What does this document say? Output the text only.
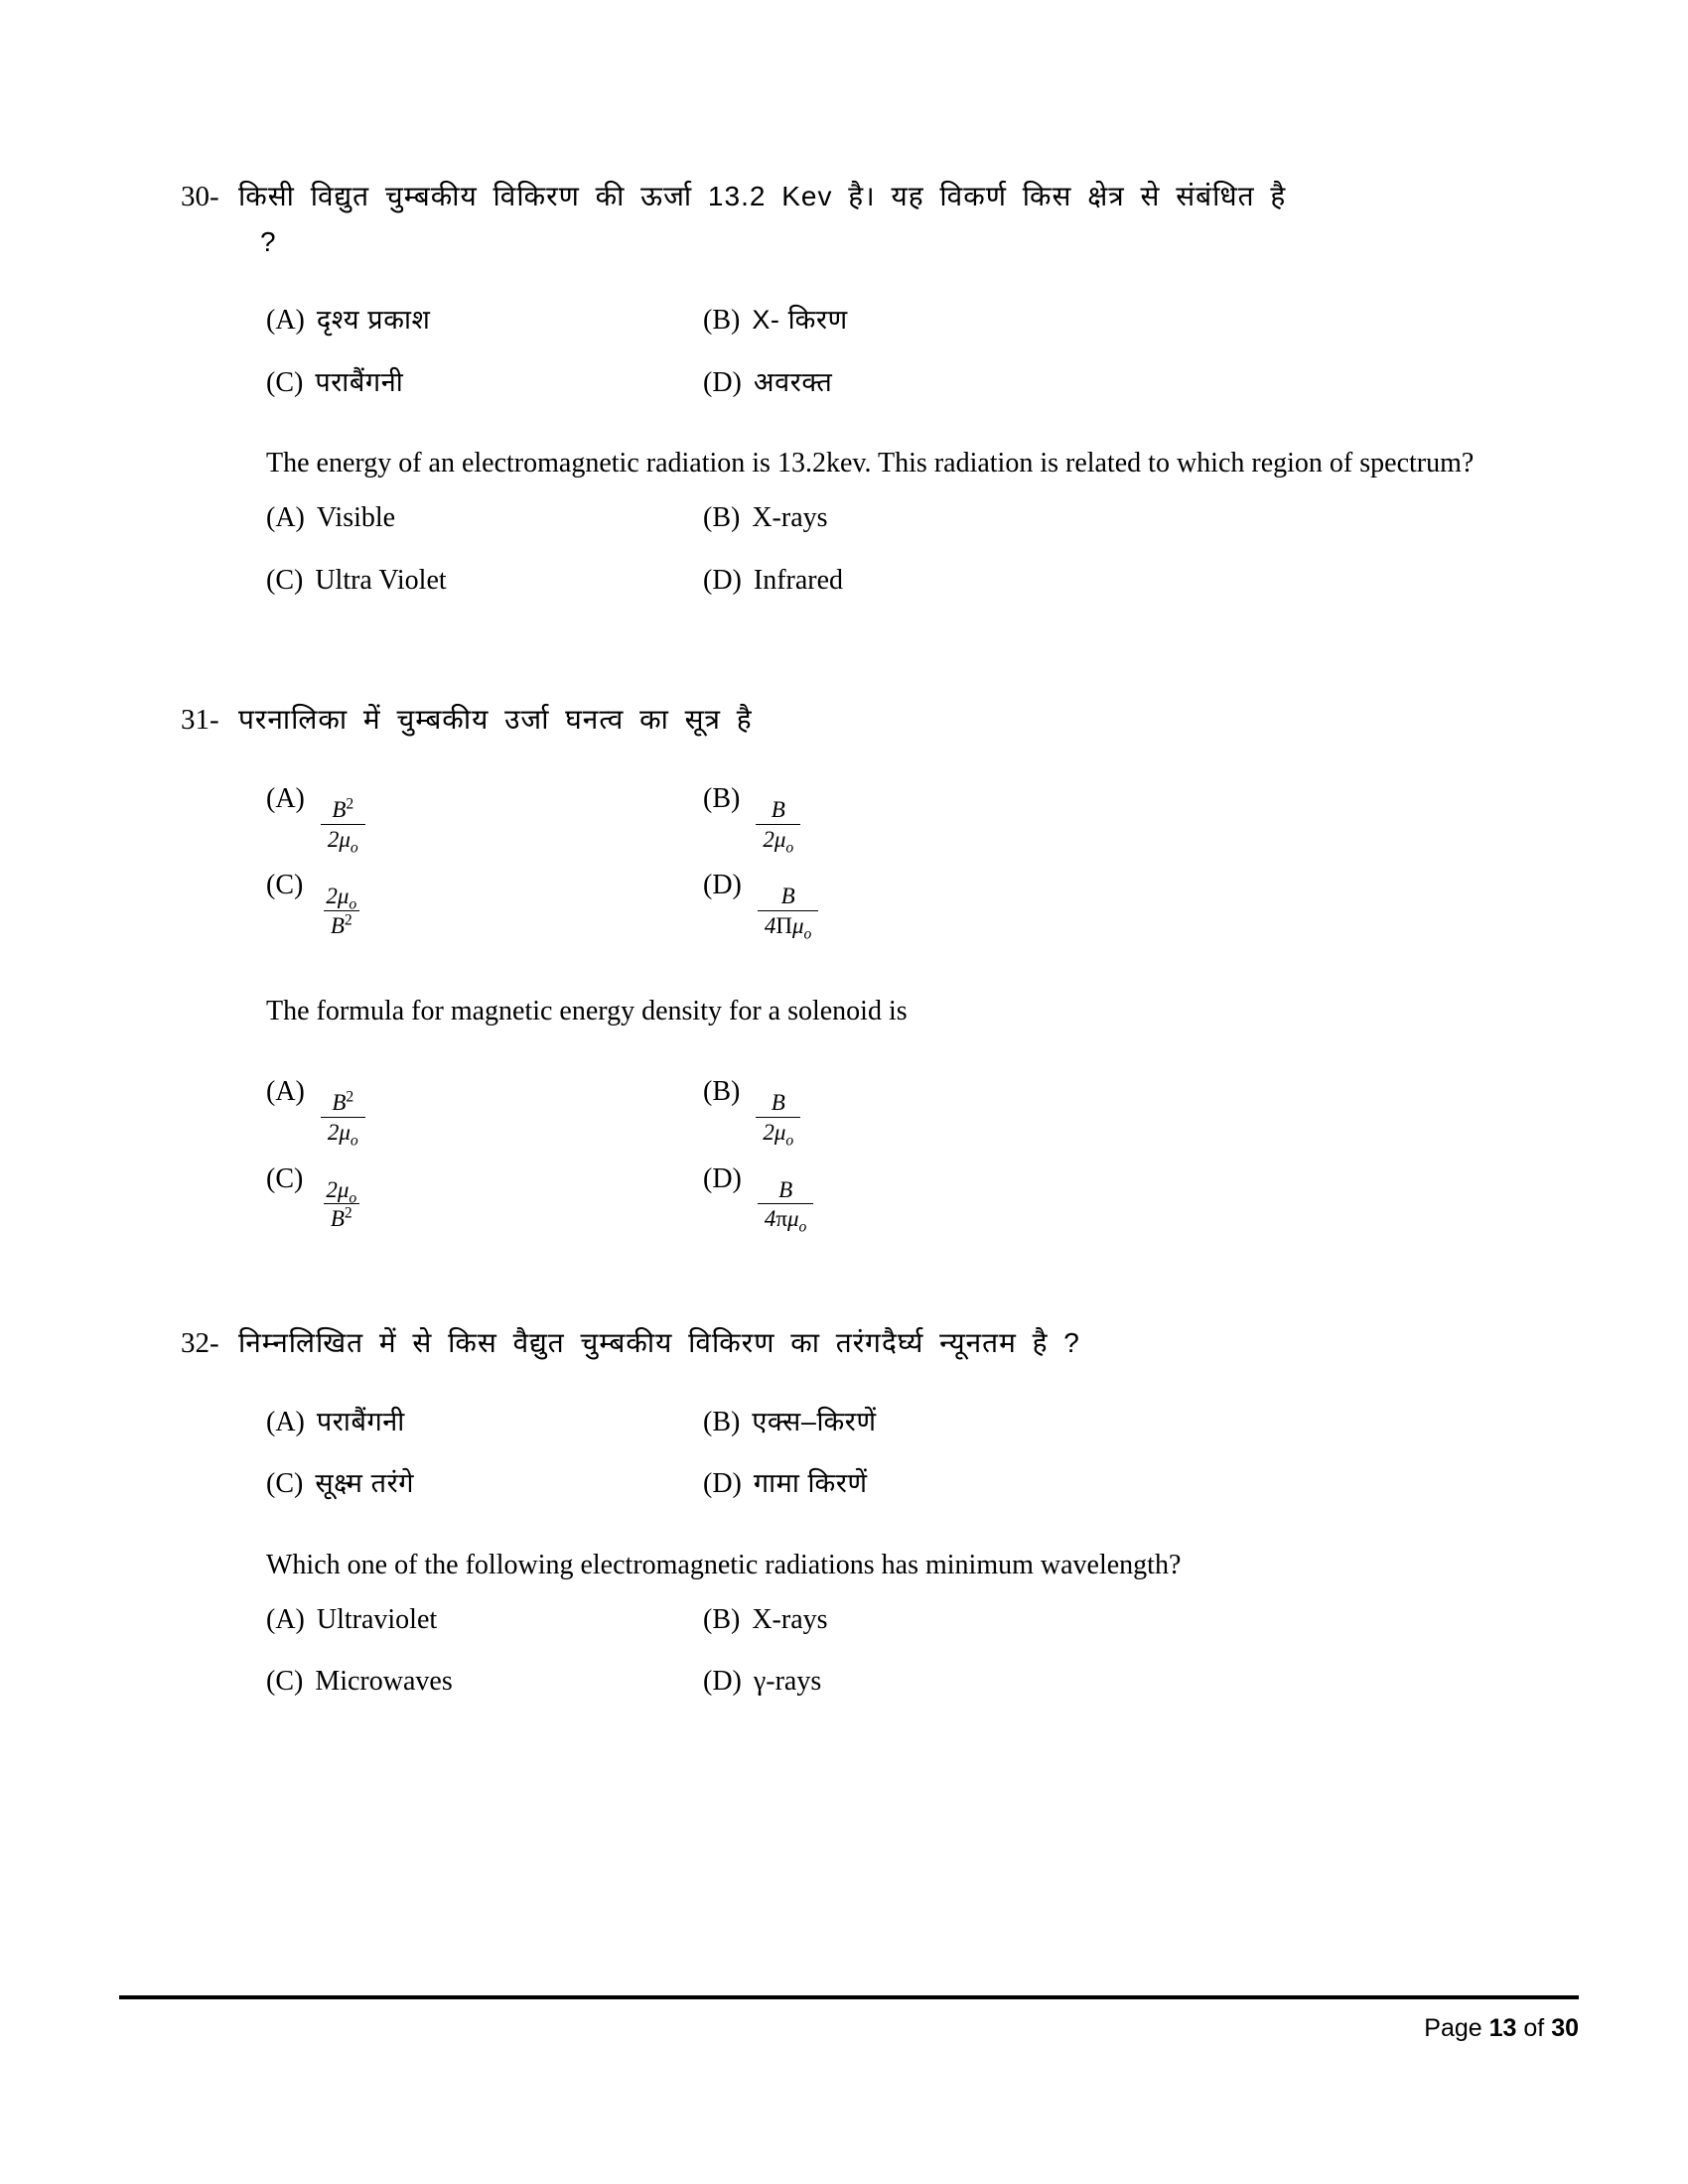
30- किसी विद्युत चुम्बकीय विकिरण की ऊर्जा 13.2 Kev है। यह विकर्ण किस क्षेत्र से संबंधित है
?
(A) दृश्य प्रकाश	(B) X- किरण
(C) पराबैंगनी	(D) अवरक्त
The energy of an electromagnetic radiation is 13.2kev. This radiation is related to which region of spectrum?
(A) Visible	(B) X-rays
(C) Ultra Violet	(D) Infrared
31- परनालिका में चुम्बकीय उर्जा घनत्व का सूत्र है
$(A) \frac{B^2}{2\mu_o}$	$(B) \frac{B}{2\mu_o}$
$(C) \frac{2\mu_o}{B^2}$	$(D) \frac{B}{4\Pi\mu_o}$
The formula for magnetic energy density for a solenoid is
$(A) \frac{B^2}{2\mu_o}$	$(B) \frac{B}{2\mu_o}$
$(C) \frac{2\mu_o}{B^2}$	$(D) \frac{B}{4\pi\mu_o}$
32- निम्नलिखित में से किस वैद्युत चुम्बकीय विकिरण का तरंगदैर्घ्य न्यूनतम है ?
(A) पराबैंगनी	(B) एक्स–किरणें
(C) सूक्ष्म तरंगे	(D) गामा किरणें
Which one of the following electromagnetic radiations has minimum wavelength?
(A) Ultraviolet	(B) X-rays
(C) Microwaves	(D) γ-rays
Page 13 of 30
